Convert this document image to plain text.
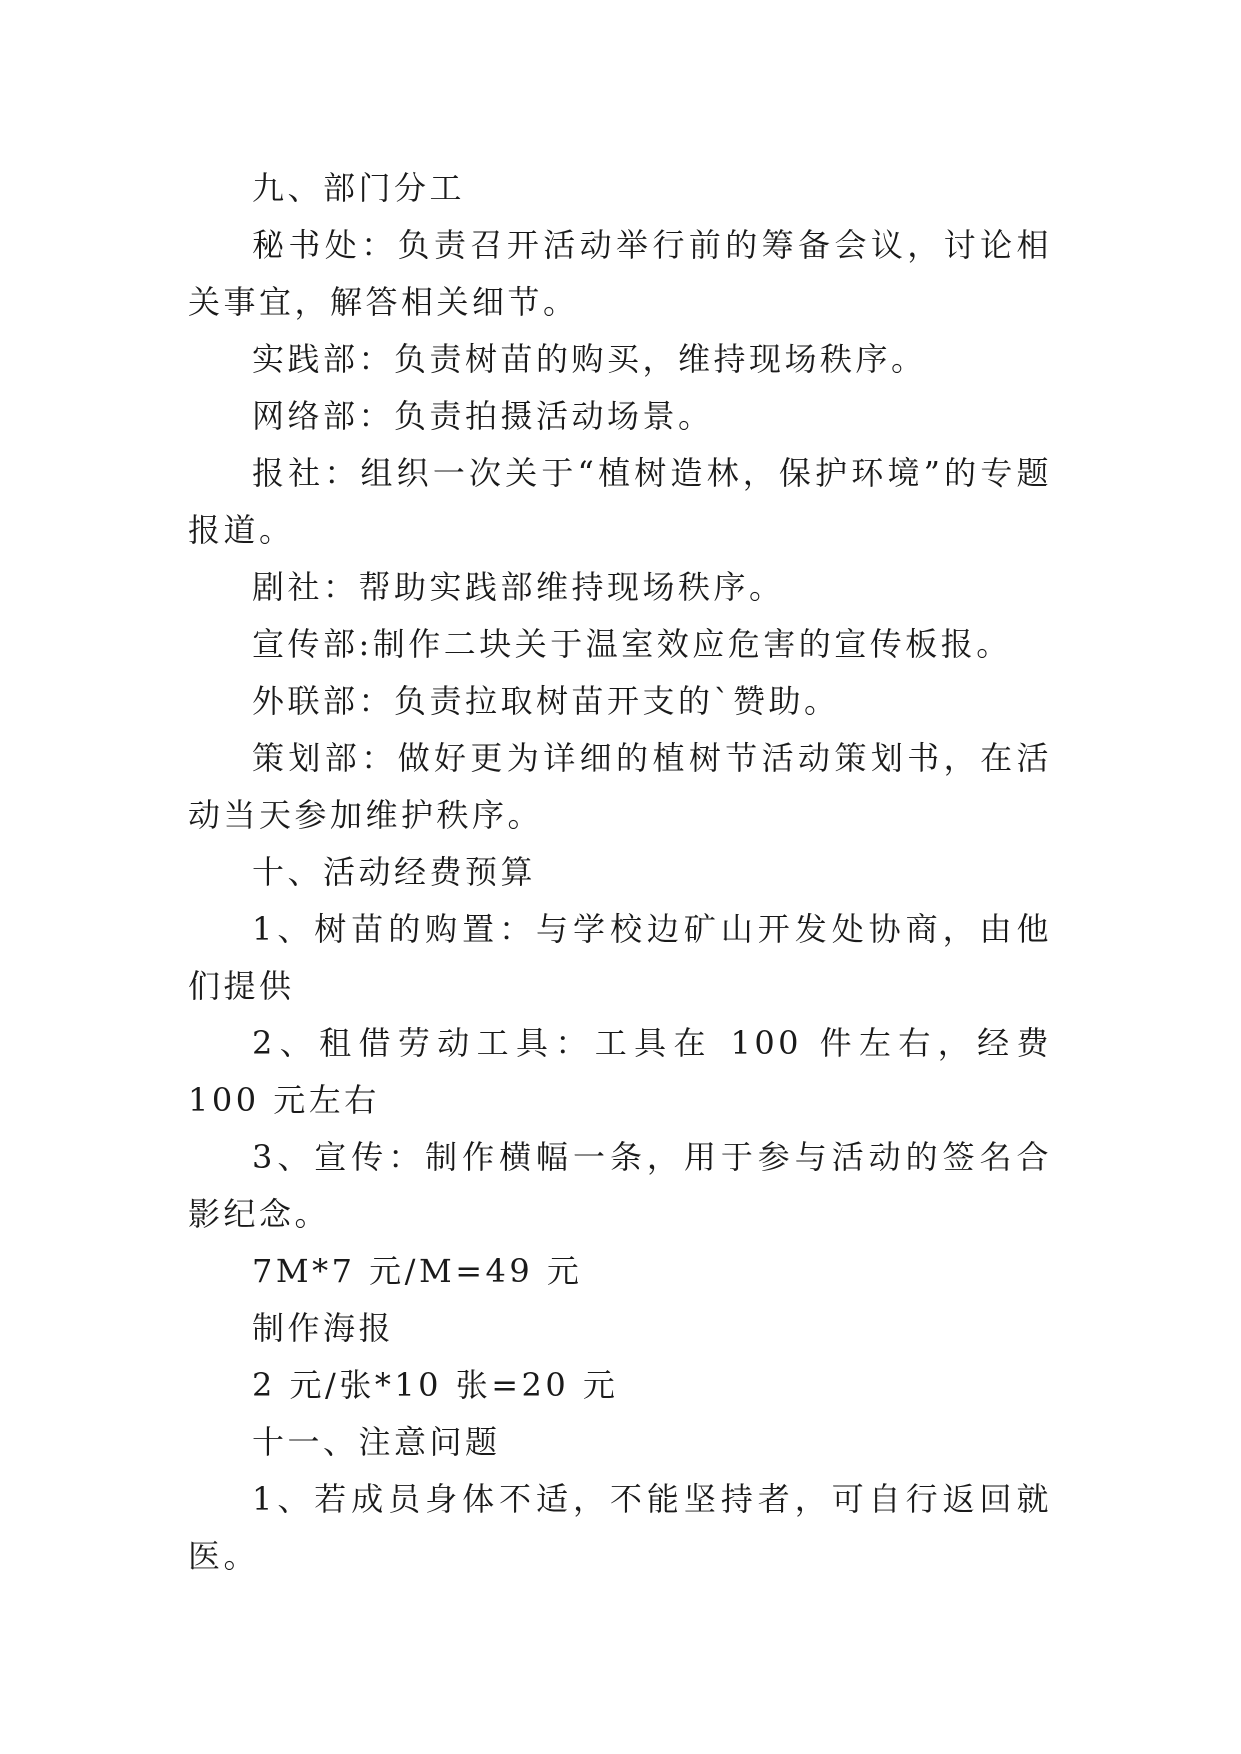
九、部门分工

秘书处：负责召开活动举行前的筹备会议，讨论相关事宜，解答相关细节。

实践部：负责树苗的购买，维持现场秩序。

网络部：负责拍摄活动场景。

报社：组织一次关于“植树造林，保护环境”的专题报道。

剧社：帮助实践部维持现场秩序。

宣传部:制作二块关于温室效应危害的宣传板报。

外联部：负责拉取树苗开支的`赞助。

策划部：做好更为详细的植树节活动策划书，在活动当天参加维护秩序。

十、活动经费预算

1、树苗的购置：与学校边矿山开发处协商，由他们提供

2、租借劳动工具：工具在 100 件左右，经费 100 元左右

3、宣传：制作横幅一条，用于参与活动的签名合影纪念。

7M*7 元/M=49 元

制作海报

2 元/张*10 张=20 元

十一、注意问题

1、若成员身体不适，不能坚持者，可自行返回就医。
